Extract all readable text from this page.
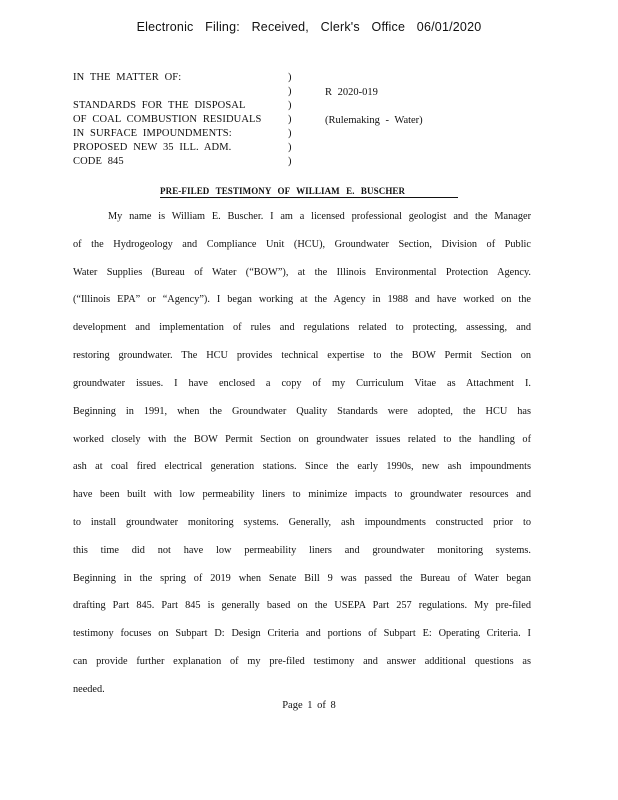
Electronic Filing: Received, Clerk's Office 06/01/2020
IN THE MATTER OF:
STANDARDS FOR THE DISPOSAL
OF COAL COMBUSTION RESIDUALS
IN SURFACE IMPOUNDMENTS:
PROPOSED NEW 35 ILL. ADM.
CODE 845
)
)
)
)
)
)
)
R 2020-019
(Rulemaking - Water)
PRE-FILED TESTIMONY OF WILLIAM E. BUSCHER
My name is William E. Buscher. I am a licensed professional geologist and the Manager
of the Hydrogeology and Compliance Unit (HCU), Groundwater Section, Division of Public
Water Supplies (Bureau of Water (“BOW”), at the Illinois Environmental Protection Agency.
(“Illinois EPA” or “Agency”). I began working at the Agency in 1988 and have worked on the
development and implementation of rules and regulations related to protecting, assessing, and
restoring groundwater. The HCU provides technical expertise to the BOW Permit Section on
groundwater issues. I have enclosed a copy of my Curriculum Vitae as Attachment I.
Beginning in 1991, when the Groundwater Quality Standards were adopted, the HCU has
worked closely with the BOW Permit Section on groundwater issues related to the handling of
ash at coal fired electrical generation stations. Since the early 1990s, new ash impoundments
have been built with low permeability liners to minimize impacts to groundwater resources and
to install groundwater monitoring systems. Generally, ash impoundments constructed prior to
this time did not have low permeability liners and groundwater monitoring systems.
Beginning in the spring of 2019 when Senate Bill 9 was passed the Bureau of Water began
drafting Part 845. Part 845 is generally based on the USEPA Part 257 regulations. My pre-filed
testimony focuses on Subpart D: Design Criteria and portions of Subpart E: Operating Criteria. I
can provide further explanation of my pre-filed testimony and answer additional questions as
needed.
Page 1 of 8
